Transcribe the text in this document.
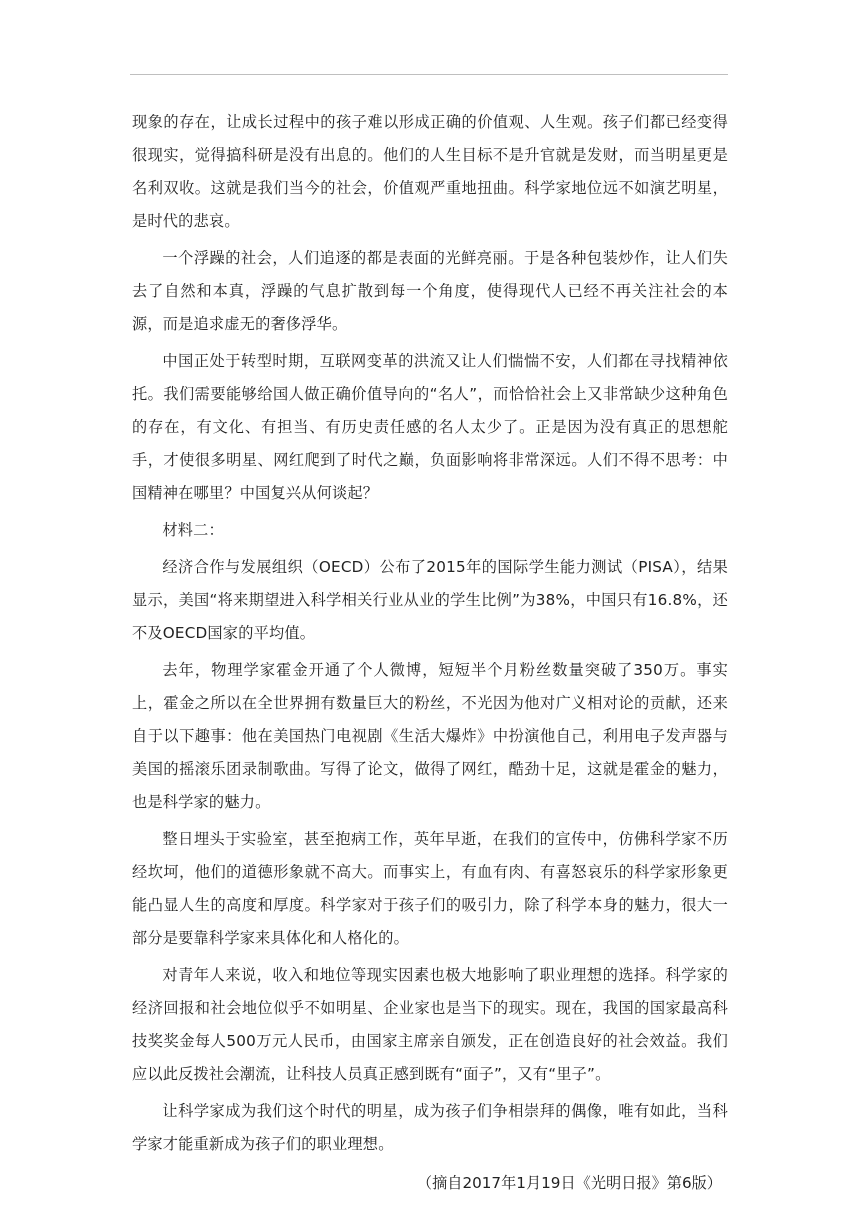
现象的存在，让成长过程中的孩子难以形成正确的价值观、人生观。孩子们都已经变得很现实，觉得搞科研是没有出息的。他们的人生目标不是升官就是发财，而当明星更是名利双收。这就是我们当今的社会，价值观严重地扭曲。科学家地位远不如演艺明星，是时代的悲哀。

一个浮躁的社会，人们追逐的都是表面的光鲜亮丽。于是各种包装炒作，让人们失去了自然和本真，浮躁的气息扩散到每一个角度，使得现代人已经不再关注社会的本源，而是追求虚无的奢侈浮华。

中国正处于转型时期，互联网变革的洪流又让人们惴惴不安，人们都在寻找精神依托。我们需要能够给国人做正确价值导向的“名人”，而恰恰社会上又非常缺少这种角色的存在，有文化、有担当、有历史责任感的名人太少了。正是因为没有真正的思想舵手，才使很多明星、网红爬到了时代之巅，负面影响将非常深远。人们不得不思考：中国精神在哪里？中国复兴从何谈起？

材料二：

经济合作与发展组织（OECD）公布了2015年的国际学生能力测试（PISA），结果显示，美国“将来期望进入科学相关行业从业的学生比例”为38%，中国只有16.8%，还不及OECD国家的平均值。

去年，物理学家霍金开通了个人微博，短短半个月粉丝数量突破了350万。事实上，霍金之所以在全世界拥有数量巨大的粉丝，不光因为他对广义相对论的贡献，还来自于以下趣事：他在美国热门电视剧《生活大爆炸》中扮演他自己，利用电子发声器与美国的摇滚乐团录制歌曲。写得了论文，做得了网红，酷劲十足，这就是霍金的魅力，也是科学家的魅力。

整日埋头于实验室，甚至抱病工作，英年早逝，在我们的宣传中，仿佛科学家不历经坎坷，他们的道德形象就不高大。而事实上，有血有肉、有喜怒哀乐的科学家形象更能凸显人生的高度和厚度。科学家对于孩子们的吸引力，除了科学本身的魅力，很大一部分是要靠科学家来具体化和人格化的。

对青年人来说，收入和地位等现实因素也极大地影响了职业理想的选择。科学家的经济回报和社会地位似乎不如明星、企业家也是当下的现实。现在，我国的国家最高科技奖奖金每人500万元人民币，由国家主席亲自颁发，正在创造良好的社会效益。我们应以此反拨社会潮流，让科技人员真正感到既有“面子”，又有“里子”。

让科学家成为我们这个时代的明星，成为孩子们争相崇拜的偶像，唯有如此，当科学家才能重新成为孩子们的职业理想。

（摘自2017年1月19日《光明日报》第6版）
